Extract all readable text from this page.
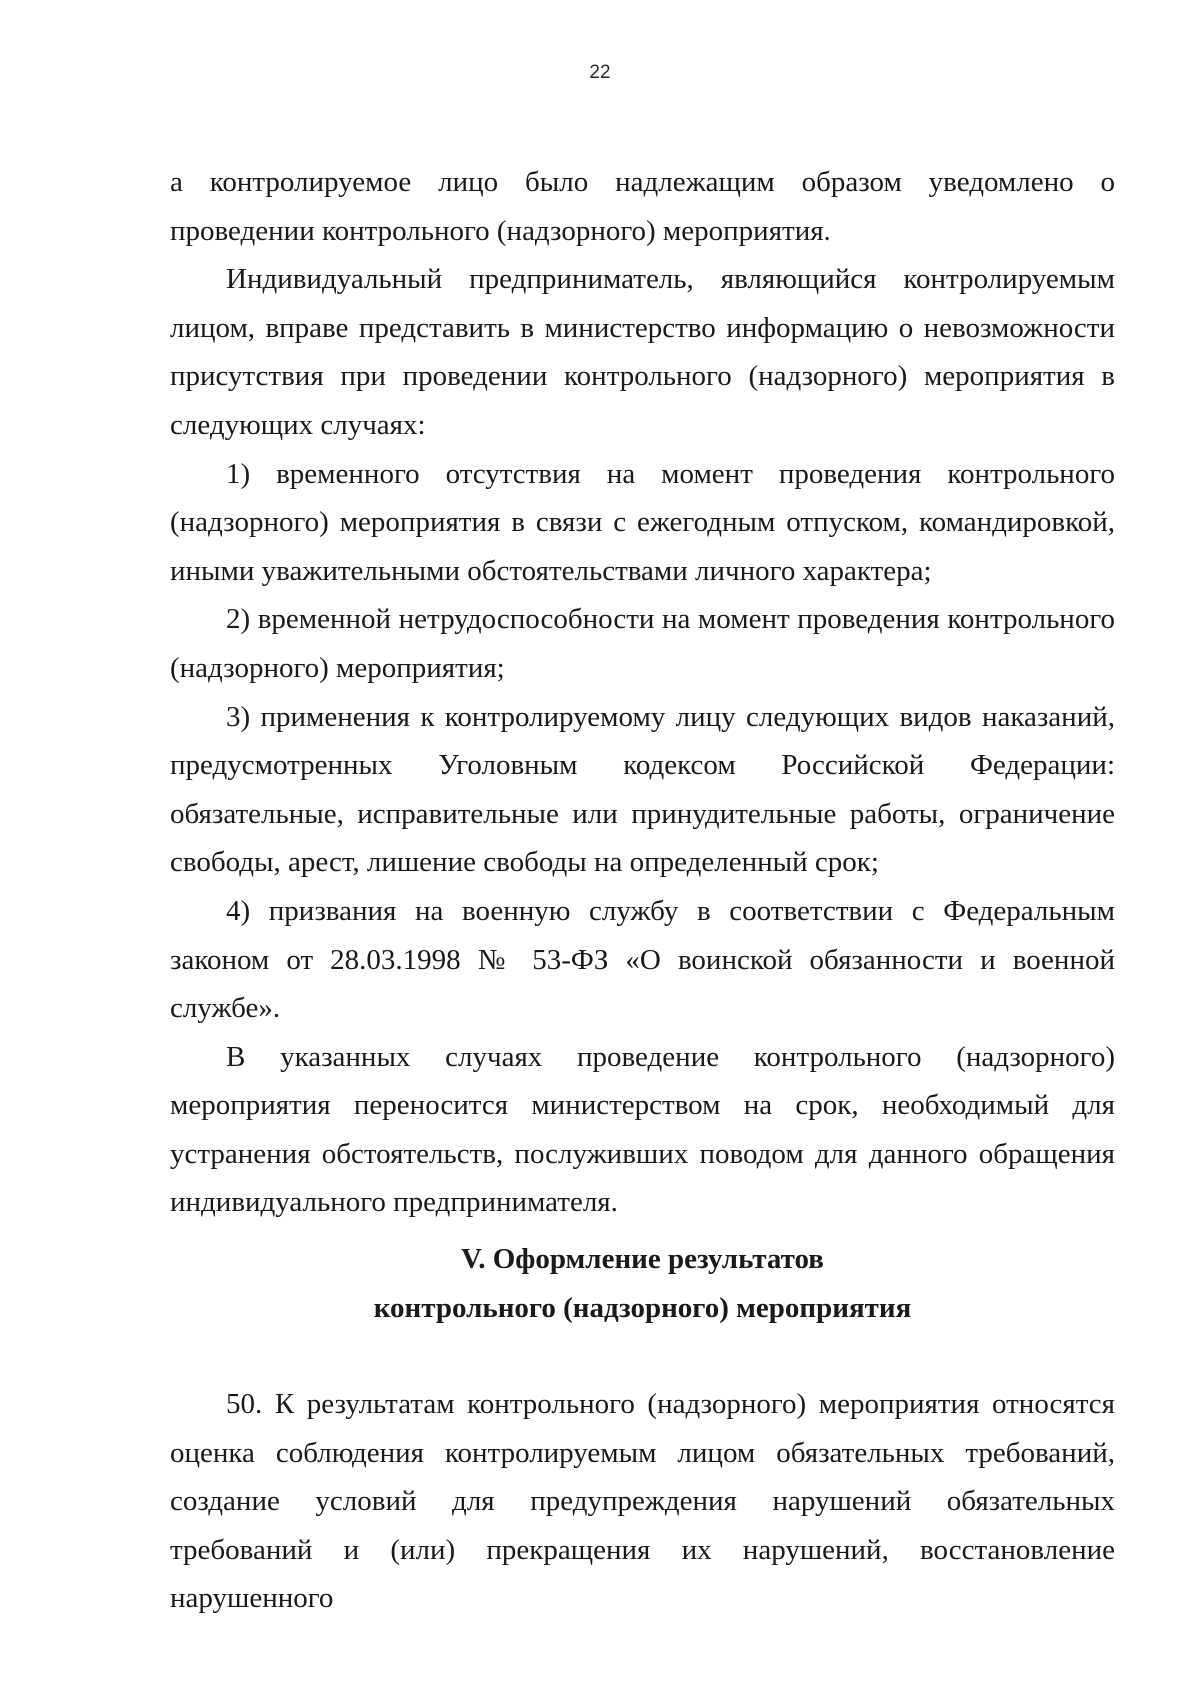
22

а контролируемое лицо было надлежащим образом уведомлено о проведении контрольного (надзорного) мероприятия.

Индивидуальный предприниматель, являющийся контролируемым лицом, вправе представить в министерство информацию о невозможности присутствия при проведении контрольного (надзорного) мероприятия в следующих случаях:

1) временного отсутствия на момент проведения контрольного (надзорного) мероприятия в связи с ежегодным отпуском, командировкой, иными уважительными обстоятельствами личного характера;

2) временной нетрудоспособности на момент проведения контрольного (надзорного) мероприятия;

3) применения к контролируемому лицу следующих видов наказаний, предусмотренных Уголовным кодексом Российской Федерации: обязательные, исправительные или принудительные работы, ограничение свободы, арест, лишение свободы на определенный срок;

4) призвания на военную службу в соответствии с Федеральным законом от 28.03.1998 № 53-ФЗ «О воинской обязанности и военной службе».

В указанных случаях проведение контрольного (надзорного) мероприятия переносится министерством на срок, необходимый для устранения обстоятельств, послуживших поводом для данного обращения индивидуального предпринимателя.

V. Оформление результатов
контрольного (надзорного) мероприятия

50. К результатам контрольного (надзорного) мероприятия относятся оценка соблюдения контролируемым лицом обязательных требований, создание условий для предупреждения нарушений обязательных требований и (или) прекращения их нарушений, восстановление нарушенного
